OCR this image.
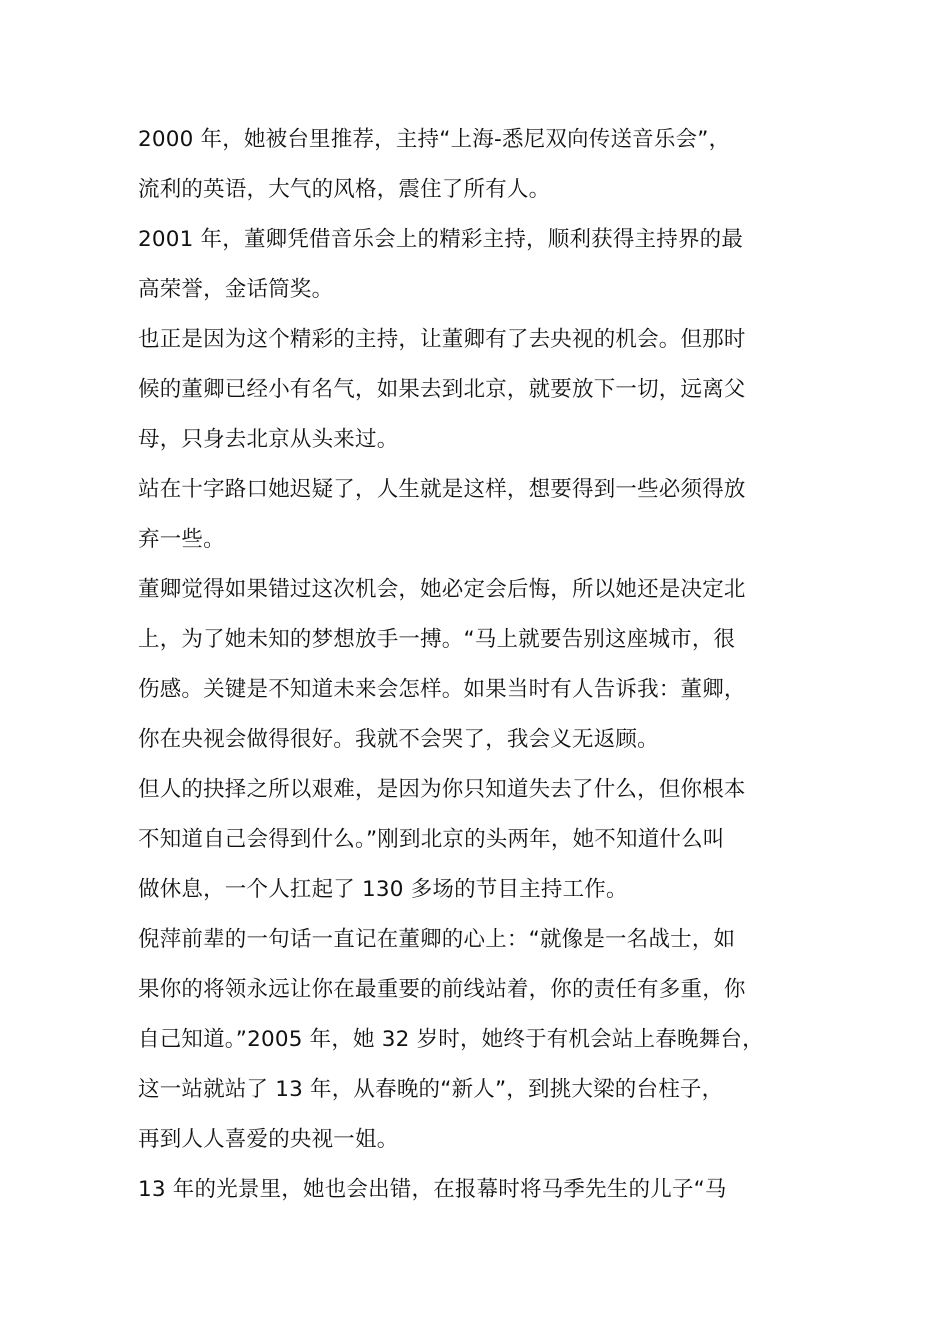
2000 年，她被台里推荐，主持“上海-悉尼双向传送音乐会”，
流利的英语，大气的风格，震住了所有人。
2001 年，董卿凭借音乐会上的精彩主持，顺利获得主持界的最
高荣誉，金话筒奖。
也正是因为这个精彩的主持，让董卿有了去央视的机会。但那时
候的董卿已经小有名气，如果去到北京，就要放下一切，远离父
母，只身去北京从头来过。
站在十字路口她迟疑了，人生就是这样，想要得到一些必须得放
弃一些。
董卿觉得如果错过这次机会，她必定会后悔，所以她还是决定北
上，为了她未知的梦想放手一搏。“马上就要告别这座城市，很
伤感。关键是不知道未来会怎样。如果当时有人告诉我：董卿，
你在央视会做得很好。我就不会哭了，我会义无返顾。
但人的抉择之所以艰难，是因为你只知道失去了什么，但你根本
不知道自己会得到什么。”刚到北京的头两年，她不知道什么叫
做休息，一个人扛起了 130 多场的节目主持工作。
倪萍前辈的一句话一直记在董卿的心上：“就像是一名战士，如
果你的将领永远让你在最重要的前线站着，你的责任有多重，你
自己知道。”2005 年，她 32 岁时，她终于有机会站上春晚舞台，
这一站就站了 13 年，从春晚的“新人”，到挑大梁的台柱子，
再到人人喜爱的央视一姐。
13 年的光景里，她也会出错，在报幕时将马季先生的儿子“马
